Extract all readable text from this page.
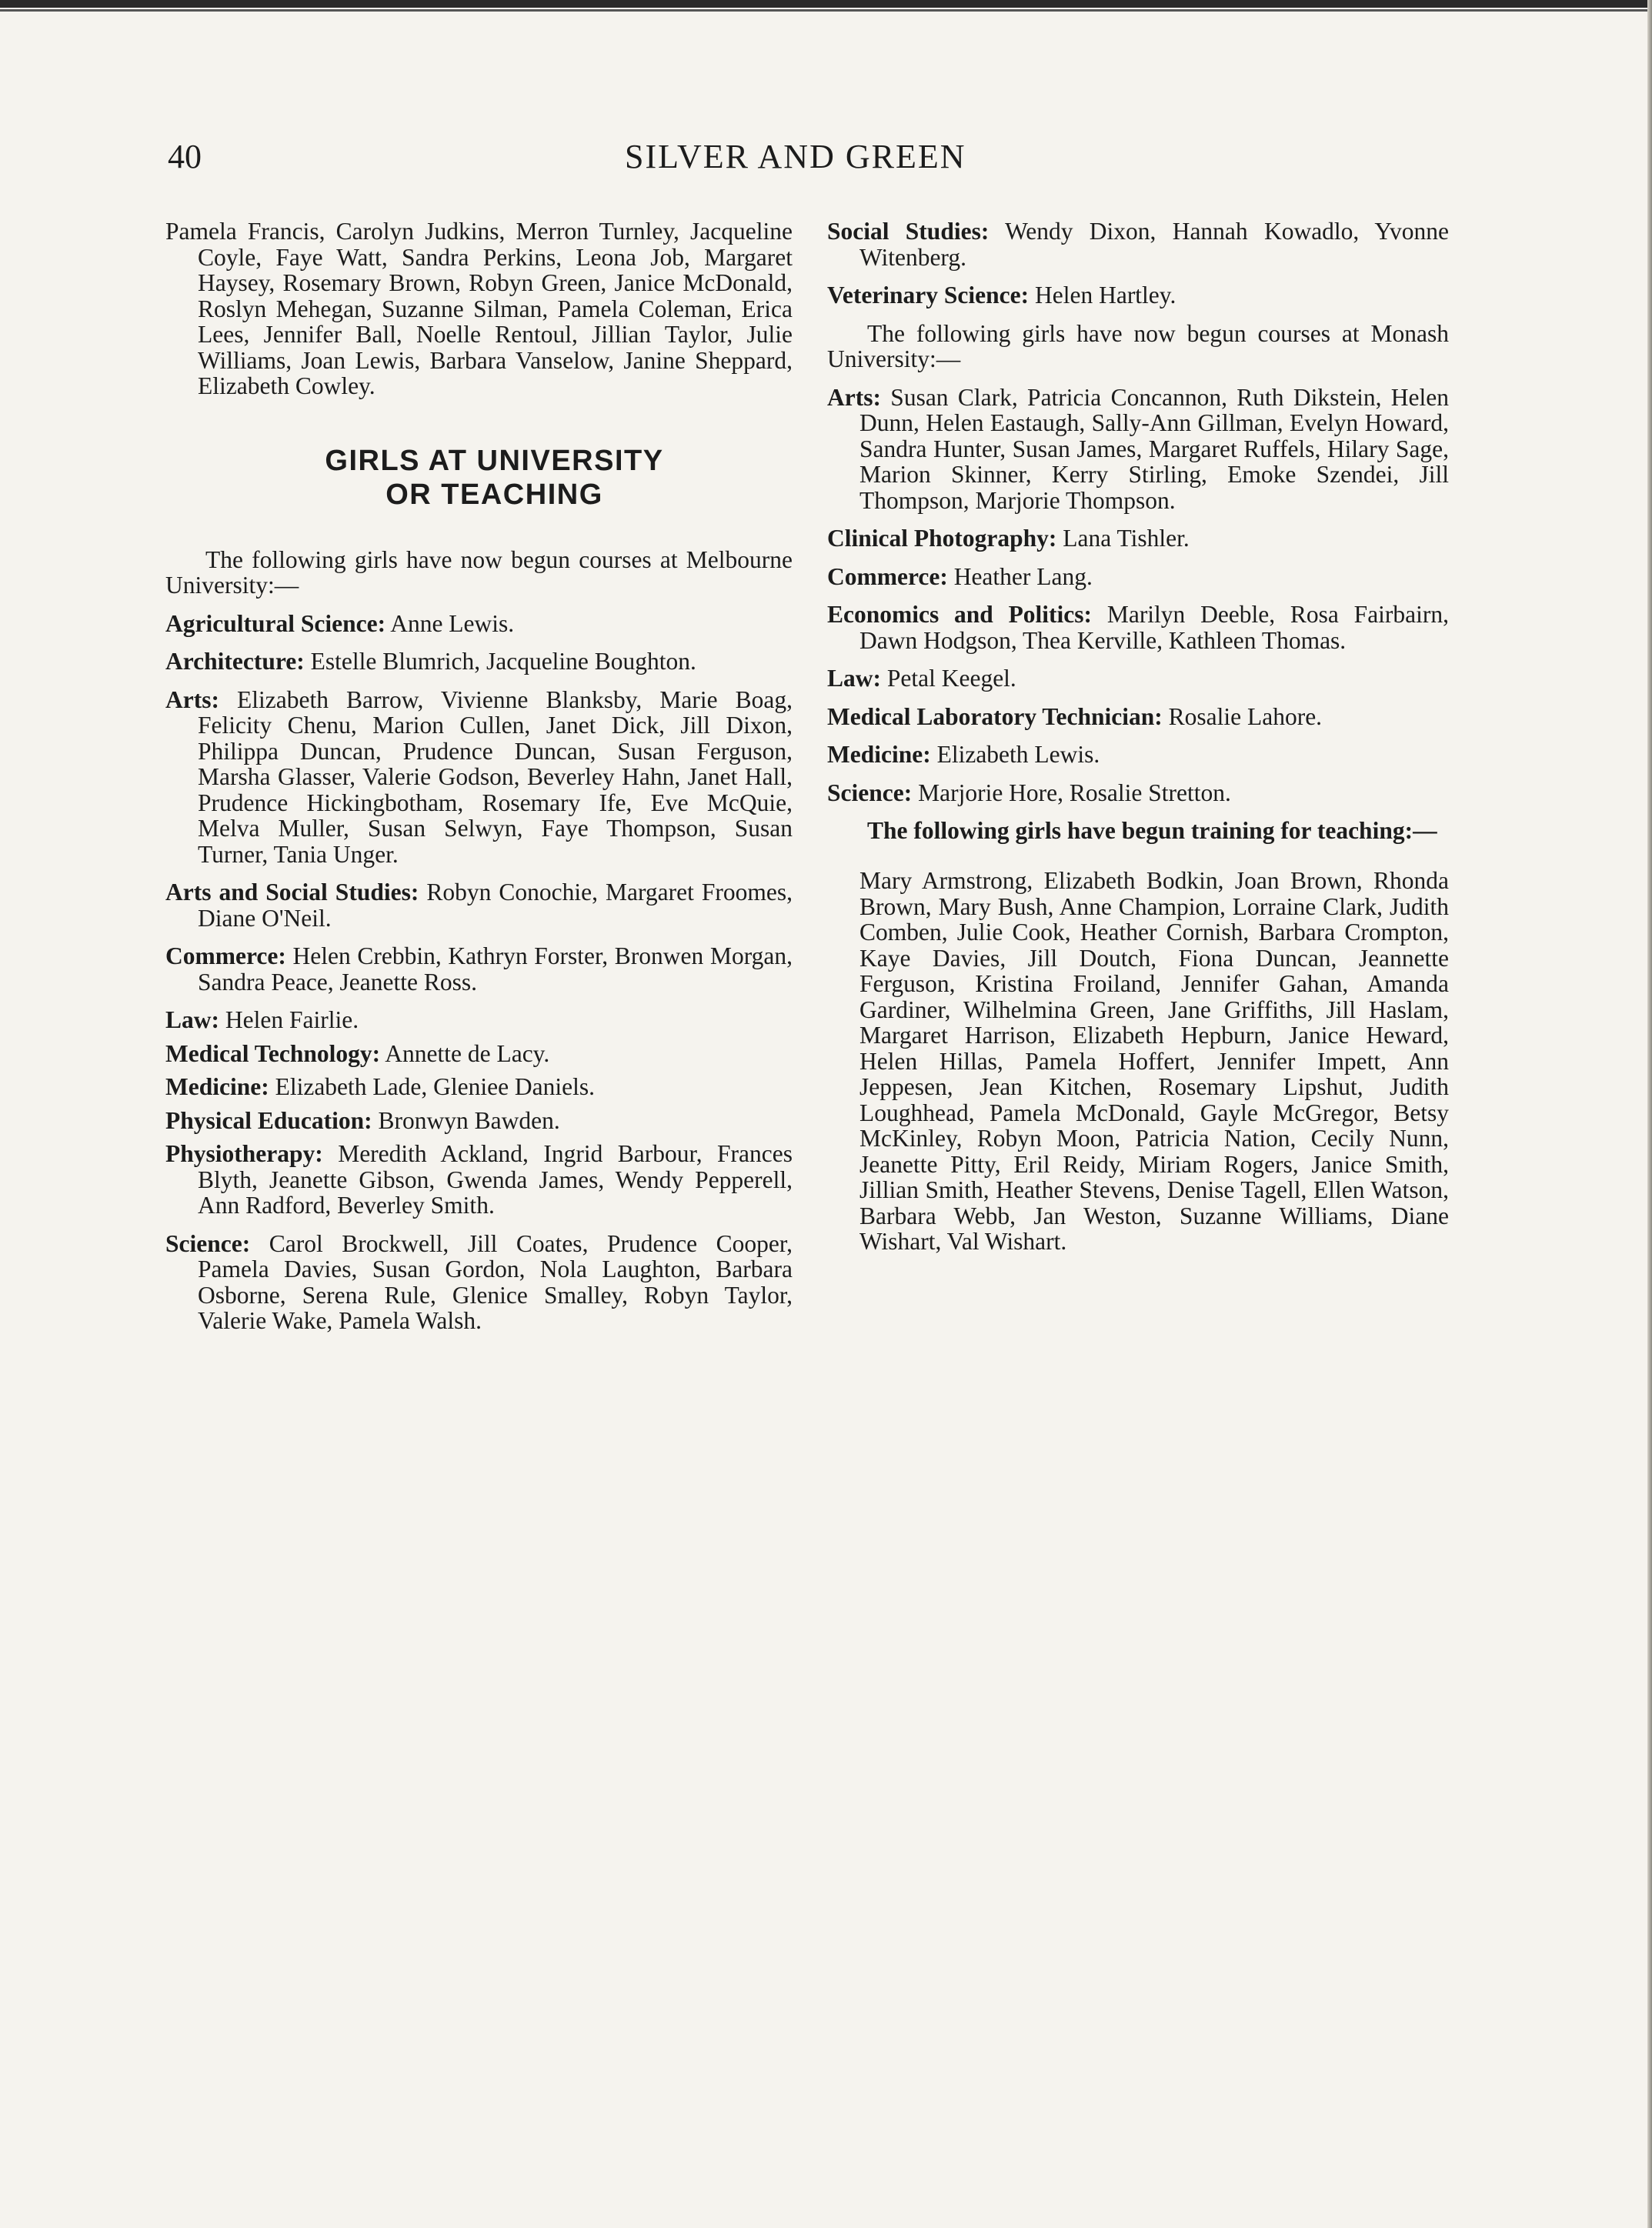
40	SILVER AND GREEN

Pamela Francis, Carolyn Judkins, Merron Turnley, Jacqueline Coyle, Faye Watt, Sandra Perkins, Leona Job, Margaret Haysey, Rosemary Brown, Robyn Green, Janice McDonald, Roslyn Mehegan, Suzanne Silman, Pamela Coleman, Erica Lees, Jennifer Ball, Noelle Rentoul, Jillian Taylor, Julie Williams, Joan Lewis, Barbara Vanselow, Janine Sheppard, Elizabeth Cowley.

GIRLS AT UNIVERSITY
OR TEACHING

The following girls have now begun courses at Melbourne University:—

Agricultural Science: Anne Lewis.

Architecture: Estelle Blumrich, Jacqueline Boughton.

Arts: Elizabeth Barrow, Vivienne Blanksby, Marie Boag, Felicity Chenu, Marion Cullen, Janet Dick, Jill Dixon, Philippa Duncan, Prudence Duncan, Susan Ferguson, Marsha Glasser, Valerie Godson, Beverley Hahn, Janet Hall, Prudence Hickingbotham, Rosemary Ife, Eve McQuie, Melva Muller, Susan Selwyn, Faye Thompson, Susan Turner, Tania Unger.

Arts and Social Studies: Robyn Conochie, Margaret Froomes, Diane O'Neil.

Commerce: Helen Crebbin, Kathryn Forster, Bronwen Morgan, Sandra Peace, Jeanette Ross.

Law: Helen Fairlie.

Medical Technology: Annette de Lacy.

Medicine: Elizabeth Lade, Gleniee Daniels.

Physical Education: Bronwyn Bawden.

Physiotherapy: Meredith Ackland, Ingrid Barbour, Frances Blyth, Jeanette Gibson, Gwenda James, Wendy Pepperell, Ann Radford, Beverley Smith.

Science: Carol Brockwell, Jill Coates, Prudence Cooper, Pamela Davies, Susan Gordon, Nola Laughton, Barbara Osborne, Serena Rule, Glenice Smalley, Robyn Taylor, Valerie Wake, Pamela Walsh.

Social Studies: Wendy Dixon, Hannah Kowadlo, Yvonne Witenberg.

Veterinary Science: Helen Hartley.

The following girls have now begun courses at Monash University:—

Arts: Susan Clark, Patricia Concannon, Ruth Dikstein, Helen Dunn, Helen Eastaugh, Sally-Ann Gillman, Evelyn Howard, Sandra Hunter, Susan James, Margaret Ruffels, Hilary Sage, Marion Skinner, Kerry Stirling, Emoke Szendei, Jill Thompson, Marjorie Thompson.

Clinical Photography: Lana Tishler.

Commerce: Heather Lang.

Economics and Politics: Marilyn Deeble, Rosa Fairbairn, Dawn Hodgson, Thea Kerville, Kathleen Thomas.

Law: Petal Keegel.

Medical Laboratory Technician: Rosalie Lahore.

Medicine: Elizabeth Lewis.

Science: Marjorie Hore, Rosalie Stretton.

The following girls have begun training for teaching:—

Mary Armstrong, Elizabeth Bodkin, Joan Brown, Rhonda Brown, Mary Bush, Anne Champion, Lorraine Clark, Judith Comben, Julie Cook, Heather Cornish, Barbara Crompton, Kaye Davies, Jill Doutch, Fiona Duncan, Jeannette Ferguson, Kristina Froiland, Jennifer Gahan, Amanda Gardiner, Wilhelmina Green, Jane Griffiths, Jill Haslam, Margaret Harrison, Elizabeth Hepburn, Janice Heward, Helen Hillas, Pamela Hoffert, Jennifer Impett, Ann Jeppesen, Jean Kitchen, Rosemary Lipshut, Judith Loughhead, Pamela McDonald, Gayle McGregor, Betsy McKinley, Robyn Moon, Patricia Nation, Cecily Nunn, Jeanette Pitty, Eril Reidy, Miriam Rogers, Janice Smith, Jillian Smith, Heather Stevens, Denise Tagell, Ellen Watson, Barbara Webb, Jan Weston, Suzanne Williams, Diane Wishart, Val Wishart.
